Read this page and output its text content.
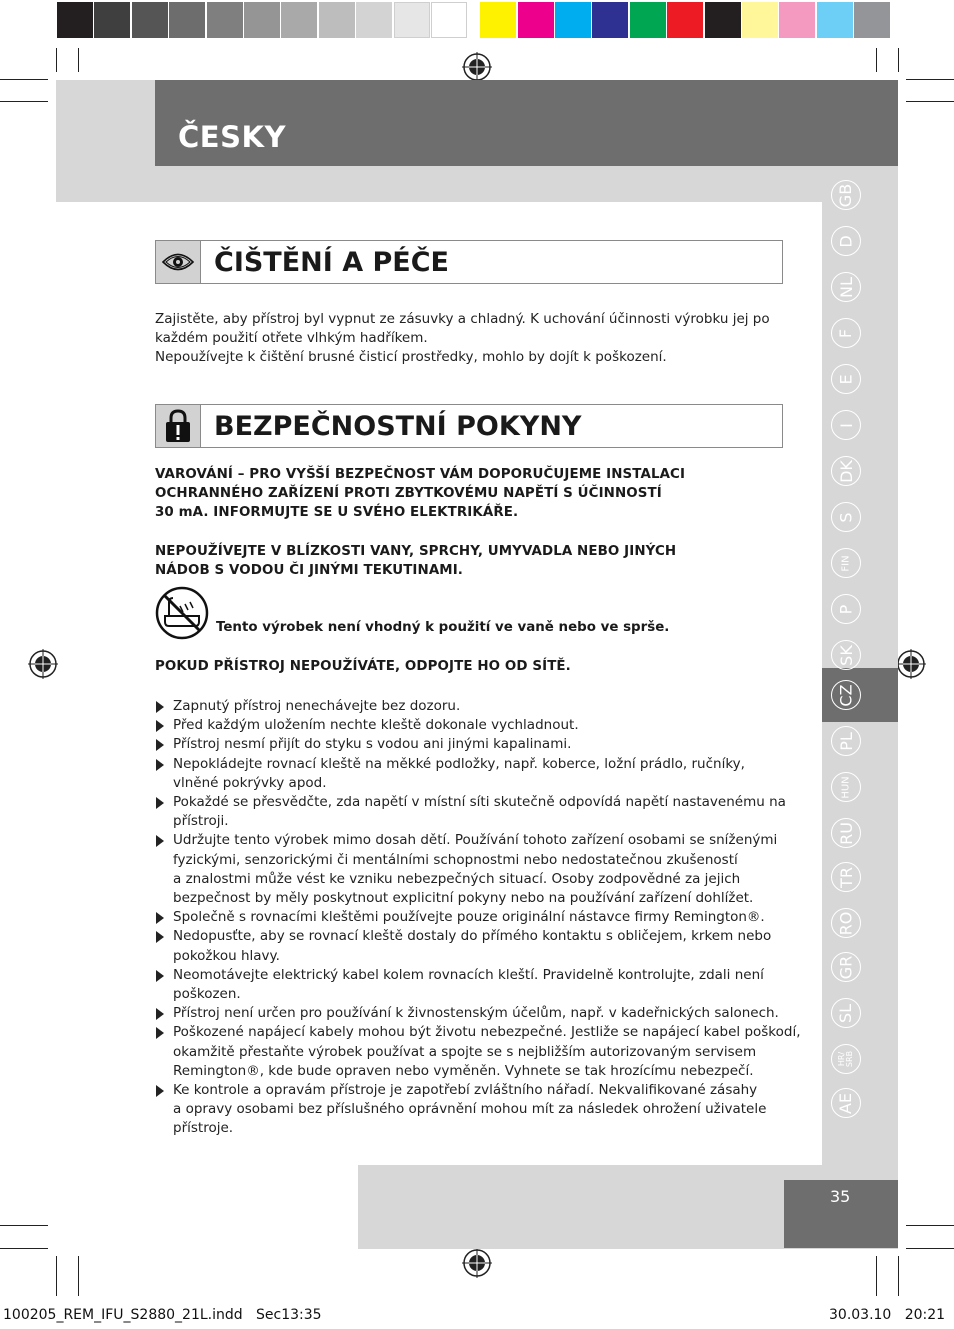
ČESKY
ČIŠTĚNÍ A PÉČE
Zajistěte, aby přístroj byl vypnut ze zásuvky a chladný. K uchování účinnosti výrobku jej po
každém použití otřete vlhkým hadříkem.
Nepoužívejte k čištění brusné čisticí prostředky, mohlo by dojít k poškození.
BEZPEČNOSTNÍ POKYNY
VAROVÁNÍ – PRO VYŠŠÍ BEZPEČNOST VÁM DOPORUČUJEME INSTALACI
OCHRANNÉHO ZAŘÍZENÍ PROTI ZBYTKOVÉMU NAPĚTÍ S ÚČINNOSTÍ
30 mA. INFORMUJTE SE U SVÉHO ELEKTRIKÁŘE.
NEPOUŽÍVEJTE V BLÍZKOSTI VANY, SPRCHY, UMYVADLA NEBO JINÝCH
NÁDOB S VODOU ČI JINÝMI TEKUTINAMI.
Tento výrobek není vhodný k použití ve vaně nebo ve sprše.
POKUD PŘÍSTROJ NEPOUŽÍVÁTE, ODPOJTE HO OD SÍTĚ.
Zapnutý přístroj nenechávejte bez dozoru.
Před každým uložením nechte kleště dokonale vychladnout.
Přístroj nesmí přijít do styku s vodou ani jinými kapalinami.
Nepokládejte rovnací kleště na měkké podložky, např. koberce, ložní prádlo, ručníky,
vlněné pokrývky apod.
Pokaždé se přesvědčte, zda napětí v místní síti skutečně odpovídá napětí nastavenému na
přístroji.
Udržujte tento výrobek mimo dosah dětí. Používání tohoto zařízení osobami se sníženými
fyzickými, senzorickými či mentálními schopnostmi nebo nedostatečnou zkušeností
a znalostmi může vést ke vzniku nebezpečných situací. Osoby zodpovědné za jejich
bezpečnost by měly poskytnout explicitní pokyny nebo na používání zařízení dohlížet.
Společně s rovnacími kleštěmi používejte pouze originální nástavce firmy Remington®.
Nedopusťte, aby se rovnací kleště dostaly do přímého kontaktu s obličejem, krkem nebo
pokožkou hlavy.
Neomotávejte elektrický kabel kolem rovnacích kleští. Pravidelně kontrolujte, zdali není
poškozen.
Přístroj není určen pro používání k živnostenským účelům, např. v kadeřnických salonech.
Poškozené napájecí kabely mohou být životu nebezpečné. Jestliže se napájecí kabel poškodí,
okamžitě přestaňte výrobek používat a spojte se s nejbližším autorizovaným servisem
Remington®, kde bude opraven nebo vyměněn. Vyhnete se tak hrozícímu nebezpečí.
Ke kontrole a opravám přístroje je zapotřebí zvláštního nářadí. Nekvalifikované zásahy
a opravy osobami bez příslušného oprávnění mohou mít za následek ohrožení uživatele
přístroje.
GB
D
NL
F
E
I
DK
S
FIN
P
SK
CZ
PL
HUN
RU
TR
RO
GR
SL
HR/
SRB
AE
35
100205_REM_IFU_S2880_21L.indd   Sec13:35	30.03.10   20:21
